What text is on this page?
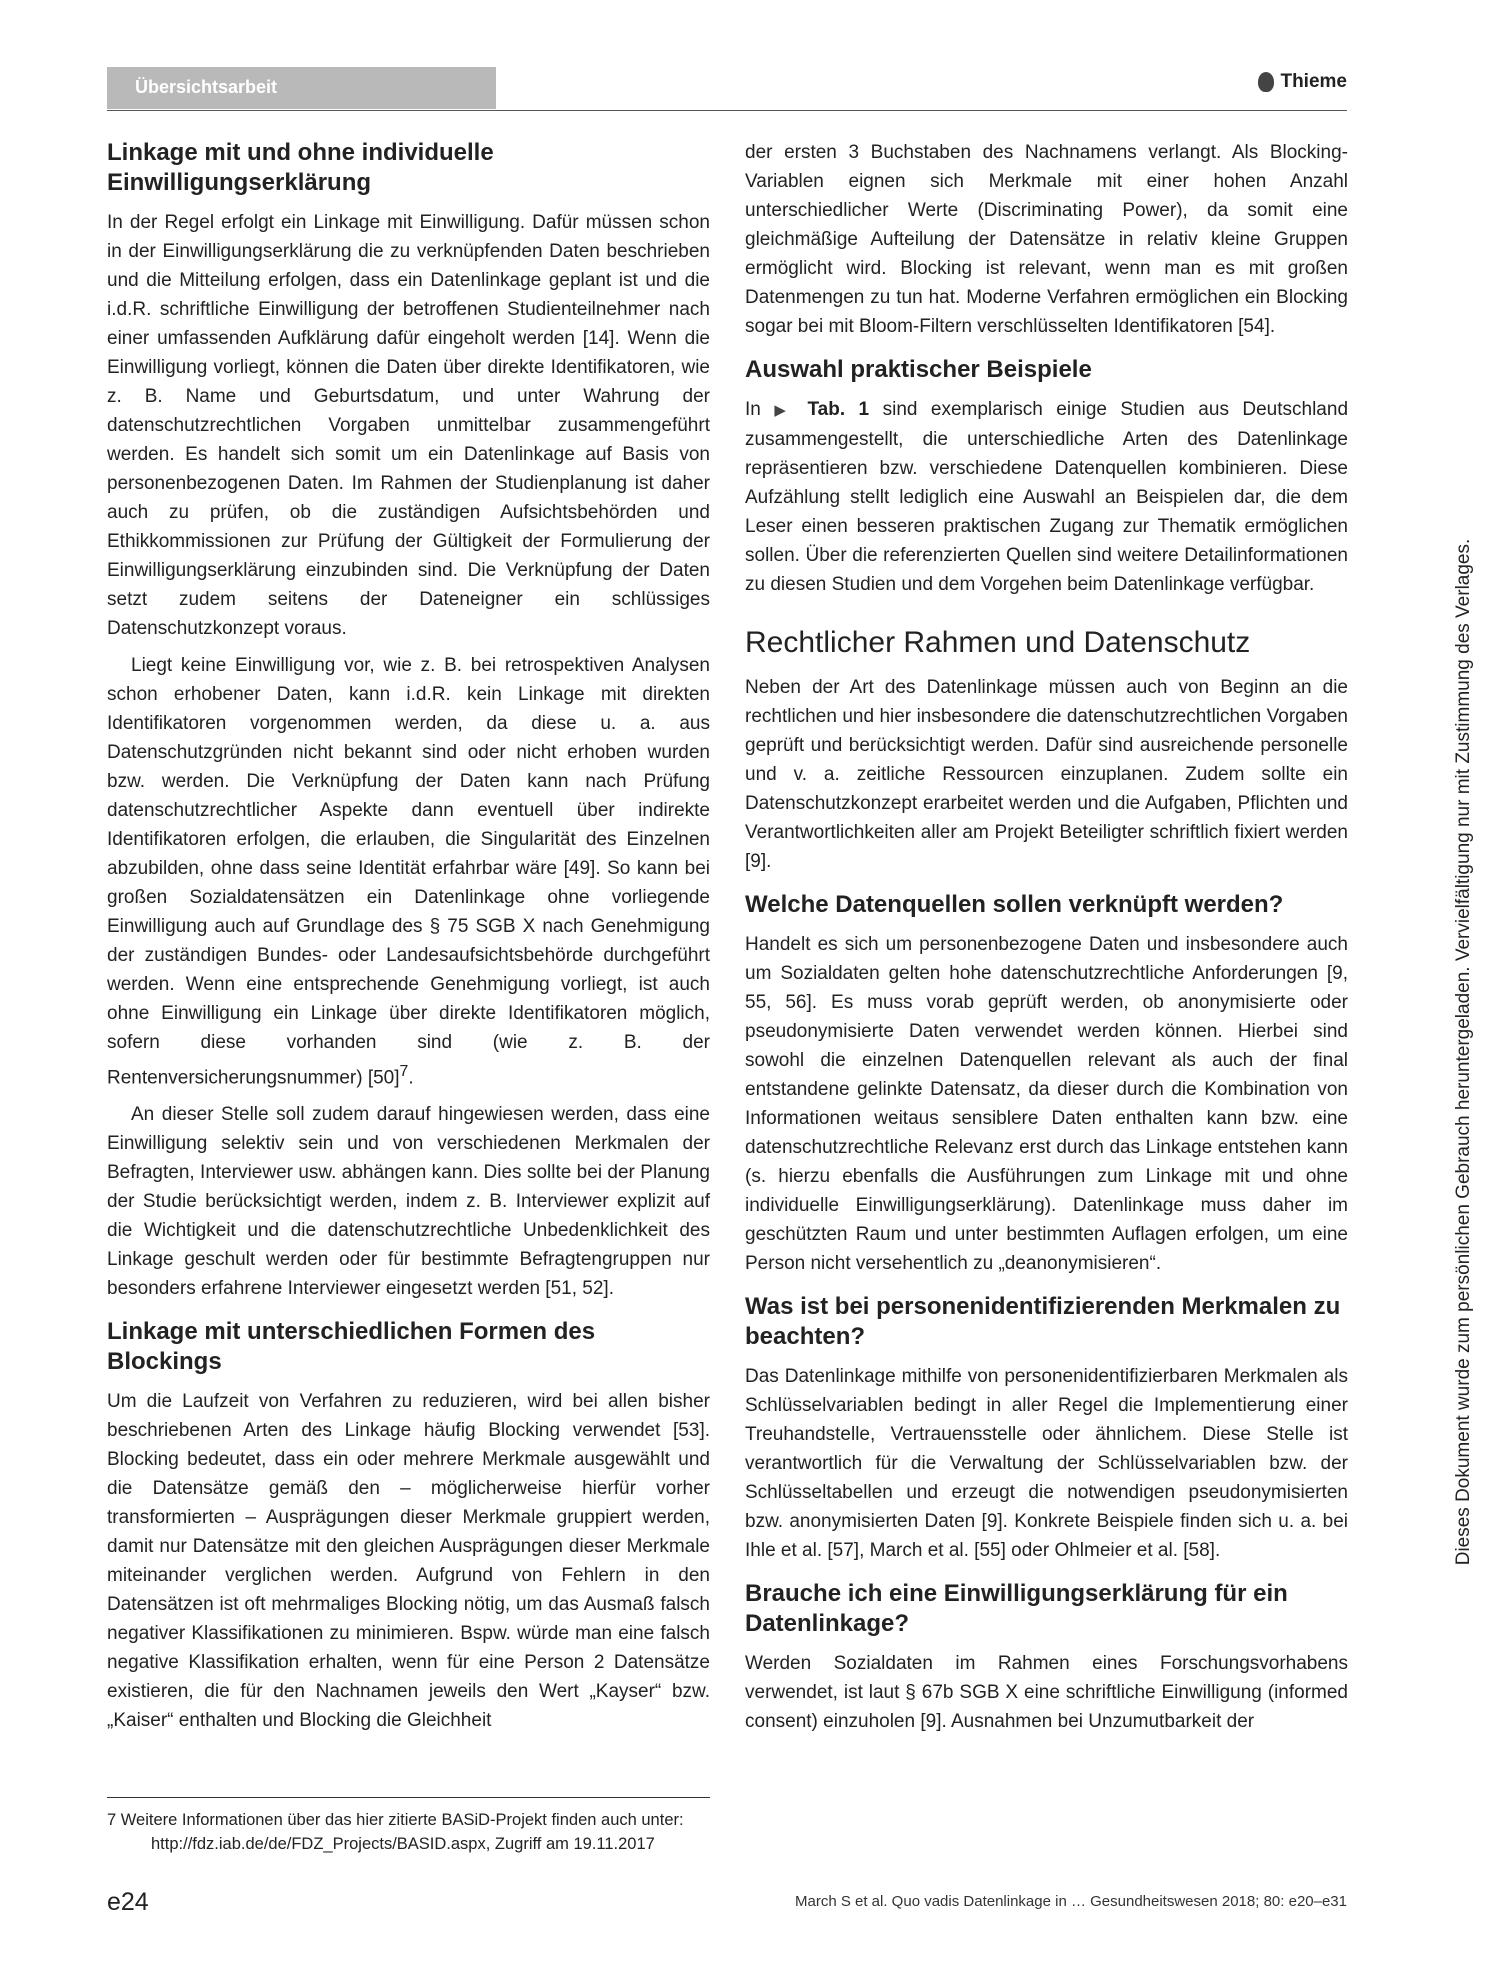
Übersichtsarbeit	Thieme
Linkage mit und ohne individuelle Einwilligungserklärung

In der Regel erfolgt ein Linkage mit Einwilligung. Dafür müssen schon in der Einwilligungserklärung die zu verknüpfenden Daten beschrieben und die Mitteilung erfolgen, dass ein Datenlinkage geplant ist und die i.d.R. schriftliche Einwilligung der betroffenen Studienteilnehmer nach einer umfassenden Aufklärung dafür eingeholt werden [14]. Wenn die Einwilligung vorliegt, können die Daten über direkte Identifikatoren, wie z. B. Name und Geburtsdatum, und unter Wahrung der datenschutzrechtlichen Vorgaben unmittelbar zusammengeführt werden. Es handelt sich somit um ein Datenlinkage auf Basis von personenbezogenen Daten. Im Rahmen der Studienplanung ist daher auch zu prüfen, ob die zuständigen Aufsichtsbehörden und Ethikkommissionen zur Prüfung der Gültigkeit der Formulierung der Einwilligungserklärung einzubinden sind. Die Verknüpfung der Daten setzt zudem seitens der Dateneigner ein schlüssiges Datenschutzkonzept voraus.

Liegt keine Einwilligung vor, wie z. B. bei retrospektiven Analysen schon erhobener Daten, kann i.d.R. kein Linkage mit direkten Identifikatoren vorgenommen werden, da diese u. a. aus Datenschutzgründen nicht bekannt sind oder nicht erhoben wurden bzw. werden. Die Verknüpfung der Daten kann nach Prüfung datenschutzrechtlicher Aspekte dann eventuell über indirekte Identifikatoren erfolgen, die erlauben, die Singularität des Einzelnen abzubilden, ohne dass seine Identität erfahrbar wäre [49]. So kann bei großen Sozialdatensätzen ein Datenlinkage ohne vorliegende Einwilligung auch auf Grundlage des § 75 SGB X nach Genehmigung der zuständigen Bundes- oder Landesaufsichtsbehörde durchgeführt werden. Wenn eine entsprechende Genehmigung vorliegt, ist auch ohne Einwilligung ein Linkage über direkte Identifikatoren möglich, sofern diese vorhanden sind (wie z. B. der Rentenversicherungsnummer) $[50]^7$.

An dieser Stelle soll zudem darauf hingewiesen werden, dass eine Einwilligung selektiv sein und von verschiedenen Merkmalen der Befragten, Interviewer usw. abhängen kann. Dies sollte bei der Planung der Studie berücksichtigt werden, indem z. B. Interviewer explizit auf die Wichtigkeit und die datenschutzrechtliche Unbedenklichkeit des Linkage geschult werden oder für bestimmte Befragtengruppen nur besonders erfahrene Interviewer eingesetzt werden [51, 52].

Linkage mit unterschiedlichen Formen des Blockings

Um die Laufzeit von Verfahren zu reduzieren, wird bei allen bisher beschriebenen Arten des Linkage häufig Blocking verwendet [53]. Blocking bedeutet, dass ein oder mehrere Merkmale ausgewählt und die Datensätze gemäß den – möglicherweise hierfür vorher transformierten – Ausprägungen dieser Merkmale gruppiert werden, damit nur Datensätze mit den gleichen Ausprägungen dieser Merkmale miteinander verglichen werden. Aufgrund von Fehlern in den Datensätzen ist oft mehrmaliges Blocking nötig, um das Ausmaß falsch negativer Klassifikationen zu minimieren. Bspw. würde man eine falsch negative Klassifikation erhalten, wenn für eine Person 2 Datensätze existieren, die für den Nachnamen jeweils den Wert „Kayser“ bzw. „Kaiser“ enthalten und Blocking die Gleichheit

der ersten 3 Buchstaben des Nachnamens verlangt. Als Blocking-Variablen eignen sich Merkmale mit einer hohen Anzahl unterschiedlicher Werte (Discriminating Power), da somit eine gleichmäßige Aufteilung der Datensätze in relativ kleine Gruppen ermöglicht wird. Blocking ist relevant, wenn man es mit großen Datenmengen zu tun hat. Moderne Verfahren ermöglichen ein Blocking sogar bei mit Bloom-Filtern verschlüsselten Identifikatoren [54].

Auswahl praktischer Beispiele

In ▶ Tab. 1 sind exemplarisch einige Studien aus Deutschland zusammengestellt, die unterschiedliche Arten des Datenlinkage repräsentieren bzw. verschiedene Datenquellen kombinieren. Diese Aufzählung stellt lediglich eine Auswahl an Beispielen dar, die dem Leser einen besseren praktischen Zugang zur Thematik ermöglichen sollen. Über die referenzierten Quellen sind weitere Detailinformationen zu diesen Studien und dem Vorgehen beim Datenlinkage verfügbar.

Rechtlicher Rahmen und Datenschutz

Neben der Art des Datenlinkage müssen auch von Beginn an die rechtlichen und hier insbesondere die datenschutzrechtlichen Vorgaben geprüft und berücksichtigt werden. Dafür sind ausreichende personelle und v. a. zeitliche Ressourcen einzuplanen. Zudem sollte ein Datenschutzkonzept erarbeitet werden und die Aufgaben, Pflichten und Verantwortlichkeiten aller am Projekt Beteiligter schriftlich fixiert werden [9].

Welche Datenquellen sollen verknüpft werden?

Handelt es sich um personenbezogene Daten und insbesondere auch um Sozialdaten gelten hohe datenschutzrechtliche Anforderungen [9, 55, 56]. Es muss vorab geprüft werden, ob anonymisierte oder pseudonymisierte Daten verwendet werden können. Hierbei sind sowohl die einzelnen Datenquellen relevant als auch der final entstandene gelinkte Datensatz, da dieser durch die Kombination von Informationen weitaus sensiblere Daten enthalten kann bzw. eine datenschutzrechtliche Relevanz erst durch das Linkage entstehen kann (s. hierzu ebenfalls die Ausführungen zum Linkage mit und ohne individuelle Einwilligungserklärung). Datenlinkage muss daher im geschützten Raum und unter bestimmten Auflagen erfolgen, um eine Person nicht versehentlich zu „deanonymisieren“.

Was ist bei personenidentifizierenden Merkmalen zu beachten?

Das Datenlinkage mithilfe von personenidentifizierbaren Merkmalen als Schlüsselvariablen bedingt in aller Regel die Implementierung einer Treuhandstelle, Vertrauensstelle oder ähnlichem. Diese Stelle ist verantwortlich für die Verwaltung der Schlüsselvariablen bzw. der Schlüsseltabellen und erzeugt die notwendigen pseudonymisierten bzw. anonymisierten Daten [9]. Konkrete Beispiele finden sich u. a. bei Ihle et al. [57], March et al. [55] oder Ohlmeier et al. [58].

Brauche ich eine Einwilligungserklärung für ein Datenlinkage?

Werden Sozialdaten im Rahmen eines Forschungsvorhabens verwendet, ist laut § 67b SGB X eine schriftliche Einwilligung (informed consent) einzuholen [9]. Ausnahmen bei Unzumutbarkeit der

7 Weitere Informationen über das hier zitierte BASiD-Projekt finden auch unter:
http://fdz.iab.de/de/FDZ_Projects/BASID.aspx, Zugriff am 19.11.2017
e24	March S et al. Quo vadis Datenlinkage in … Gesundheitswesen 2018; 80: e20–e31
Dieses Dokument wurde zum persönlichen Gebrauch heruntergeladen. Vervielfältigung nur mit Zustimmung des Verlages.
